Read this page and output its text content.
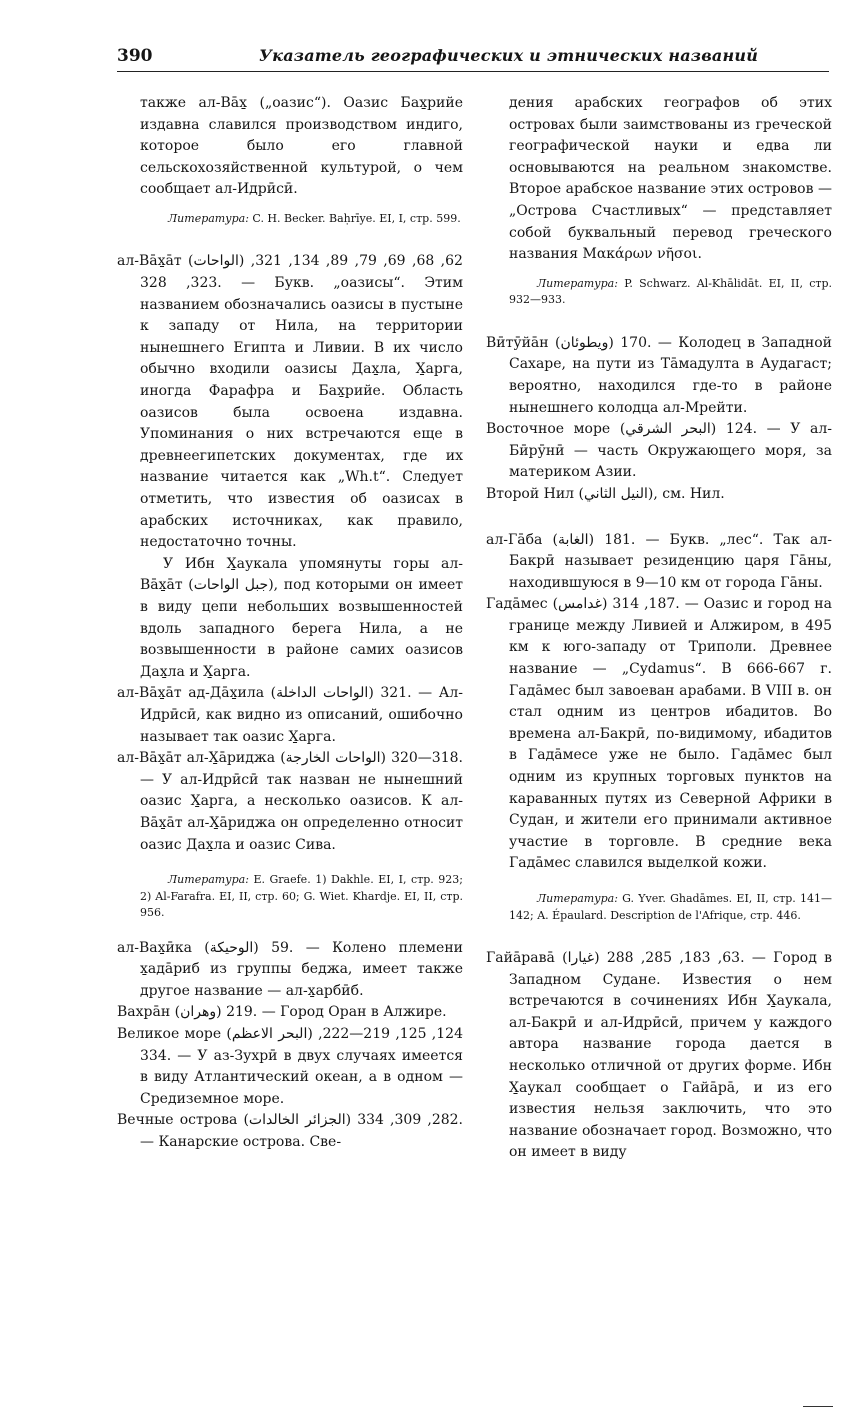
390	Указатель географических и этнических названий

также ал-Вāх̱ („оазис“). Оазис Бах̱рийе издавна славился производством индиго, которое было его главной сельскохозяйственной культурой, о чем сообщает ал-Идрӣсӣ.

Литература: C. H. Becker. Baḥrīye. EI, I, стр. 599.

ал-Вāх̱āт (الواحات) 62, 68, 69, 79, 89, 134, 321, 323, 328. — Букв. „оазисы“. Этим названием обозначались оазисы в пустыне к западу от Нила, на территории нынешнего Египта и Ливии. В их число обычно входили оазисы Дах̱ла, Х̱арга, иногда Фарафра и Бах̱рийе. Область оазисов была освоена издавна. Упоминания о них встречаются еще в древнеегипетских документах, где их название читается как „Wh.t“. Следует отметить, что известия об оазисах в арабских источниках, как правило, недостаточно точны.

У Ибн Х̱аукала упомянуты горы ал-Вāх̱āт (جبل الواحات), под которыми он имеет в виду цепи небольших возвышенностей вдоль западного берега Нила, а не возвышенности в районе самих оазисов Дах̱ла и Х̱арга.

ал-Вāх̱āт ад-Дāх̱ила (الواحات الداخلة) 321. — Ал-Идрӣсӣ, как видно из описаний, ошибочно называет так оазис Х̱арга.

ал-Вāх̱āт ал-Х̱āриджа (الواحات الخارجة) 318—320. — У ал-Идрӣсӣ так назван не нынешний оазис Х̱арга, а несколько оазисов. К ал-Вāх̱āт ал-Х̱āриджа он определенно относит оазис Дах̱ла и оазис Сива.

Литература: E. Graefe. 1) Dakhle. EI, I, стр. 923; 2) Al-Farafra. EI, II, стр. 60; G. Wiet. Khardje. EI, II, стр. 956.

ал-Вах̱ӣка (الوحيكة) 59. — Колено племени х̱адāриб из группы беджа, имеет также другое название — ал-х̱арбӣб.

Вахрāн (وهران) 219. — Город Оран в Алжире.

Великое море (البحر الاعظم) 124, 125, 219—222, 334. — У аз-Зухрӣ в двух случаях имеется в виду Атлантический океан, а в одном — Средиземное море.

Вечные острова (الجزائر الخالدات) 282, 309, 334. — Канарские острова. Све-

дения арабских географов об этих островах были заимствованы из греческой географической науки и едва ли основываются на реальном знакомстве. Второе арабское название этих островов — „Острова Счастливых“ — представляет собой буквальный перевод греческого названия Μακάρων νῆσοι.

Литература: P. Schwarz. Al-Khālidāt. EI, II, стр. 932—933.

Вӣтӯйāн (ويطوئان) 170. — Колодец в Западной Сахаре, на пути из Тāмадулта в Аудагаст; вероятно, находился где-то в районе нынешнего колодца ал-Мрейти.

Восточное море (البحر الشرقي) 124. — У ал-Бӣрӯнӣ — часть Окружающего моря, за материком Азии.

Второй Нил (النيل الثاني), см. Нил.

ал-Гāба (الغابة) 181. — Букв. „лес“. Так ал-Бакрӣ называет резиденцию царя Гāны, находившуюся в 9—10 км от города Гāны.

Гадāмес (غدامس) 187, 314. — Оазис и город на границе между Ливией и Алжиром, в 495 км к юго-западу от Триполи. Древнее название — „Cydamus“. В 666-667 г. Гадāмес был завоеван арабами. В VIII в. он стал одним из центров ибадитов. Во времена ал-Бакрӣ, по-видимому, ибадитов в Гадāмесе уже не было. Гадāмес был одним из крупных торговых пунктов на караванных путях из Северной Африки в Судан, и жители его принимали активное участие в торговле. В средние века Гадāмес славился выделкой кожи.

Литература: G. Yver. Ghadāmes. EI, II, стр. 141—142; A. Épaulard. Description de l'Afrique, стр. 446.

Гайāравā (غيارا) 63, 183, 285, 288. — Город в Западном Судане. Известия о нем встречаются в сочинениях Ибн Х̱аукала, ал-Бакрӣ и ал-Идрӣсӣ, причем у каждого автора название города дается в несколько отличной от других форме. Ибн Х̱аукал сообщает о Гайāрā, и из его известия нельзя заключить, что это название обозначает город. Возможно, что он имеет в виду
